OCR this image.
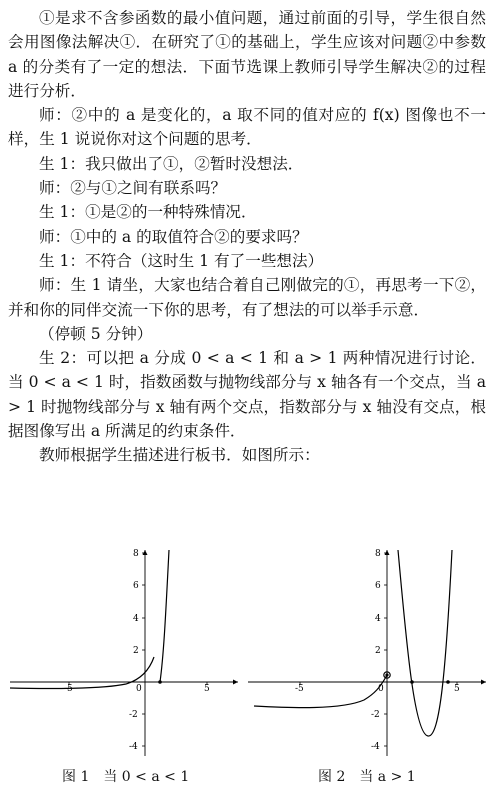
①是求不含参函数的最小值问题，通过前面的引导，学生很自然会用图像法解决①．在研究了①的基础上，学生应该对问题②中参数 a 的分类有了一定的想法．下面节选课上教师引导学生解决②的过程进行分析．

师：②中的 a 是变化的，a 取不同的值对应的 f(x) 图像也不一样，生 1 说说你对这个问题的思考．

生 1：我只做出了①，②暂时没想法．

师：②与①之间有联系吗？

生 1：①是②的一种特殊情况．

师：①中的 a 的取值符合②的要求吗？

生 1：不符合（这时生 1 有了一些想法）

师：生 1 请坐，大家也结合着自己刚做完的①，再思考一下②，并和你的同伴交流一下你的思考，有了想法的可以举手示意．

（停顿 5 分钟）

生 2：可以把 a 分成 0 < a < 1 和 a > 1 两种情况进行讨论．当 0 < a < 1 时，指数函数与抛物线部分与 x 轴各有一个交点，当 a > 1 时抛物线部分与 x 轴有两个交点，指数部分与 x 轴没有交点，根据图像写出 a 所满足的约束条件．

教师根据学生描述进行板书．如图所示：

8
6
4
2
-2
-4
-5	0	5
图 1　当 0 < a < 1
8
6
4
2
-2
-4
-5	0	5
图 2　当 a > 1
